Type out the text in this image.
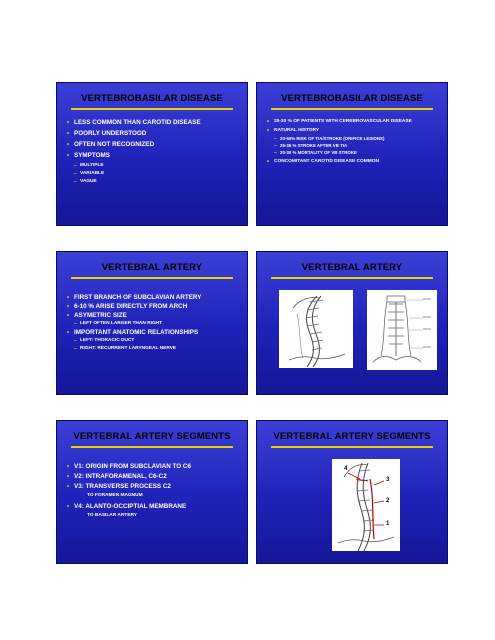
VERTEBROBASILAR DISEASE
• LESS COMMON THAN CAROTID DISEASE
• POORLY UNDERSTOOD
• OFTEN NOT RECOGNIZED
• SYMPTOMS
– MULTIPLE
– VARIABLE
– VAGUE
VERTEBROBASILAR DISEASE
• 25-30 % OF PATIENTS WITH CEREBROVASCULAR DISEASE
• NATURAL HISTORY
– 20-50% RISK OF TIA/STROKE (ORIFICE LESIONS)
– 25-35 % STROKE AFTER VB TIA
– 20-30 % MORTALITY OF VB STROKE
• CONCOMITANT CAROTID DISEASE COMMON
VERTEBRAL ARTERY
• FIRST BRANCH OF SUBCLAVIAN ARTERY
• 6-10 % ARISE DIRECTLY FROM ARCH
• ASYMETRIC SIZE
– LEFT OFTEN LARGER THAN RIGHT
• IMPORTANT ANATOMIC RELATIONSHIPS
– LEFT: THORACIC DUCT
– RIGHT: RECURRENT LARYNGEAL NERVE
VERTEBRAL ARTERY
VERTEBRAL ARTERY SEGMENTS
• V1: ORIGIN FROM SUBCLAVIAN TO C6
• V2: INTRAFORAMENAL, C6-C2
• V3: TRANSVERSE PROCESS C2
TO FORAMEN MAGNUM
• V4: ALANTO-OCCIPTIAL MEMBRANE
TO BASILAR ARTERY
VERTEBRAL ARTERY SEGMENTS
4
3
2
1
